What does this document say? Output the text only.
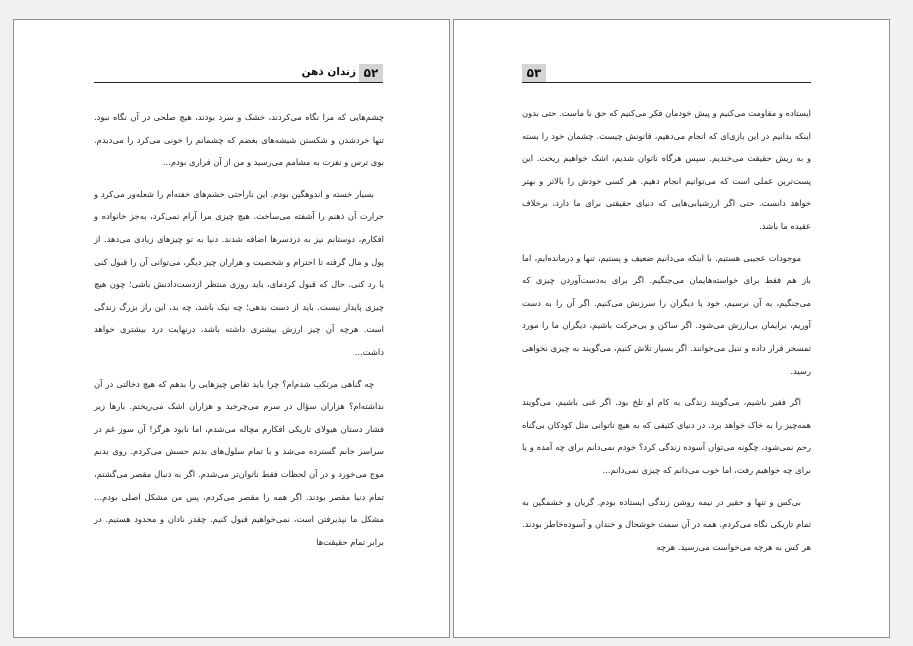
زندان ذهن ۵۲

چشم‌هایی که مرا نگاه می‌کردند، خشک و سرد بودند، هیچ صلحی در آن نگاه نبود. تنها خردشدن و شکستن شیشه‌های بغضم که چشمانم را خونی می‌کرد را می‌دیدم. بوی ترس و نفرت به مشامم می‌رسید و من از آن فراری بودم...

بسیار خسته و اندوهگین بودم. این ناراحتی خشم‌های خفته‌ام را شعله‌ور می‌کرد و حرارت آن ذهنم را آشفته می‌ساخت. هیچ چیزی مرا آرام نمی‌کرد، به‌جز خانواده و افکارم، دوستانم نیز به دردسرها اضافه شدند. دنیا به تو چیزهای زیادی می‌دهد. از پول و مال گرفته تا احترام و شخصیت و هزاران چیز دیگر، می‌توانی آن را قبول کنی یا رد کنی. حال که قبول کردمای، باید روزی منتظر ازدست‌دادنش باشی؛ چون هیچ چیزی پایدار نیست. باید از دست بدهی؛ چه نیک باشد، چه بد، این راز بزرگ زندگی است. هرچه آن چیز ارزش بیشتری داشته باشد، درنهایت درد بیشتری خواهد داشت...

چه گناهی مرتکب شدم‌ام؟ چرا باید تقاص چیزهایی را بدهم که هیچ دخالتی در آن نداشته‌ام؟ هزاران سؤال در سرم می‌چرخید و هزاران اشک می‌ریختم. بارها زیر فشار دستان هیولای تاریکی افکارم مچاله می‌شدم، اما نابود هرگز! آن سوز غم در سراسر جانم گسترده می‌شد و با تمام سلول‌های بدنم حسش می‌کردم. روی بدنم موج می‌خورد و در آن لحظات فقط ناتوان‌تر می‌شدم. اگر به دنبال مقصر می‌گشتم، تمام دنیا مقصر بودند. اگر همه را مقصر می‌کردم، پس من مشکل اصلی بودم... مشکل ما نپذیرفتن است، نمی‌خواهیم قبول کنیم. چقدر نادان و محدود هستیم. در برابر تمام حقیقت‌ها

۵۳

ایستاده و مقاومت می‌کنیم و پیش خودمان فکر می‌کنیم که حق با ماست. حتی بدون اینکه بدانیم در این بازی‌ای که انجام می‌دهیم، قانونش چیست. چشمان خود را بسته و به ریش حقیقت می‌خندیم. سپس هرگاه ناتوان شدیم، اشک خواهیم ریخت. این پست‌ترین عملی است که می‌توانیم انجام دهیم. هر کسی خودش را بالاتر و بهتر خواهد دانست. حتی اگر ارزشیابی‌هایی که دنیای حقیقتی برای ما دارد، برخلاف عقیده ما باشد.

موجودات عجیبی هستیم. با اینکه می‌دانیم ضعیف و پستیم، تنها و درمانده‌ایم، اما باز هم فقط برای خواسته‌هایمان می‌جنگیم. اگر برای به‌دست‌آوردن چیزی که می‌جنگیم، به آن نرسیم، خود یا دیگران را سرزنش می‌کنیم. اگر آن را به دست آوریم، برایمان بی‌ارزش می‌شود. اگر ساکن و بی‌حرکت باشیم، دیگران ما را مورد تمسخر قرار داده و تنبل می‌خوانند. اگر بسیار تلاش کنیم، می‌گویند به چیزی نخواهی رسید.

اگر فقیر باشیم، می‌گویند زندگی به کام او تلخ بود. اگر غنی باشیم، می‌گویند همه‌چیز را به خاک خواهد برد. در دنیای کثیفی که به هیچ ناتوانی مثل کودکان بی‌گناه رحم نمی‌شود، چگونه می‌توان آسوده زندگی کرد؟ خودم نمی‌دانم برای چه آمده و یا برای چه خواهیم رفت، اما خوب می‌دانم که چیزی نمی‌دانم...

بی‌کس و تنها و حقیر در نیمه روشن زندگی ایستاده بودم. گریان و خشمگین به تمام تاریکی نگاه می‌کردم. همه در آن سمت خوشحال و خندان و آسوده‌خاطر بودند. هر کس به هرچه می‌خواست می‌رسید. هرچه
